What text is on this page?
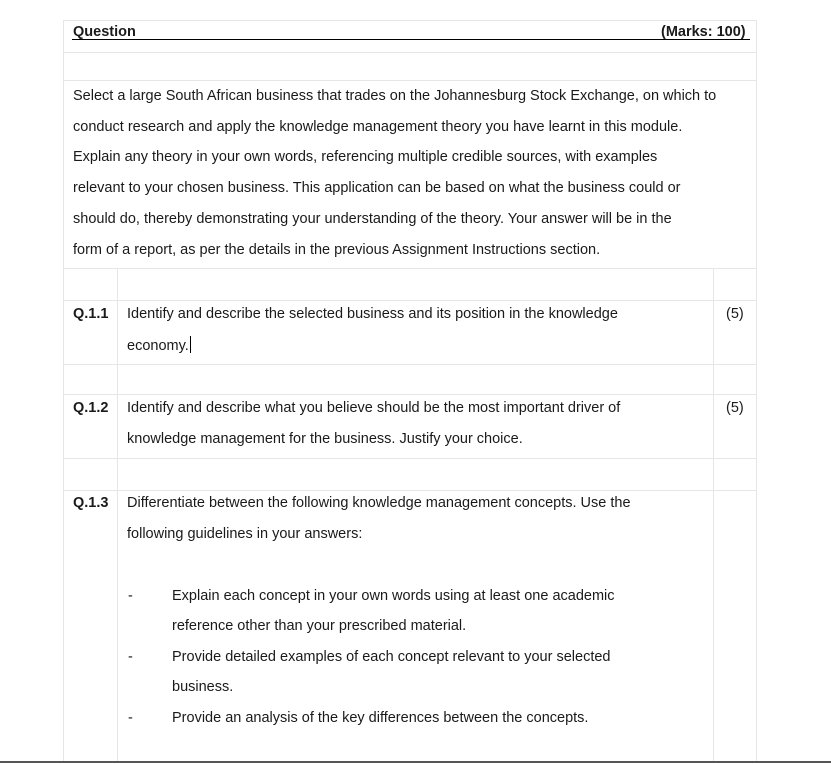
Question	(Marks: 100)
Select a large South African business that trades on the Johannesburg Stock Exchange, on which to
conduct research and apply the knowledge management theory you have learnt in this module.
Explain any theory in your own words, referencing multiple credible sources, with examples
relevant to your chosen business. This application can be based on what the business could or
should do, thereby demonstrating your understanding of the theory. Your answer will be in the
form of a report, as per the details in the previous Assignment Instructions section.
Q.1.1 Identify and describe the selected business and its position in the knowledge
economy.
(5)
Q.1.2 Identify and describe what you believe should be the most important driver of
knowledge management for the business. Justify your choice.
(5)
Q.1.3 Differentiate between the following knowledge management concepts. Use the
following guidelines in your answers:
-	Explain each concept in your own words using at least one academic
reference other than your prescribed material.
-	Provide detailed examples of each concept relevant to your selected
business.
-	Provide an analysis of the key differences between the concepts.
